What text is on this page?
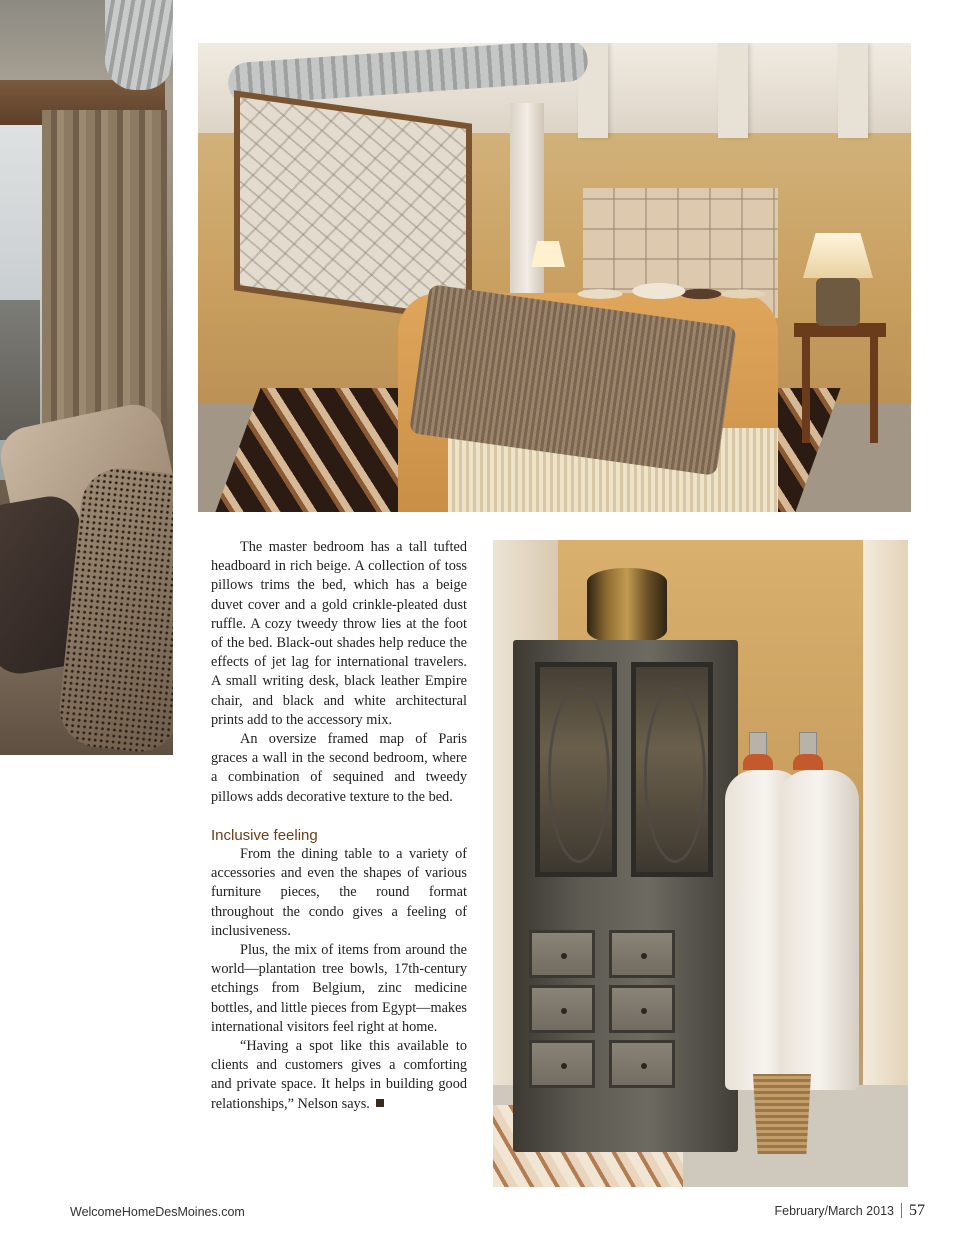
The master bedroom has a tall tufted headboard in rich beige. A collection of toss pillows trims the bed, which has a beige duvet cover and a gold crinkle-pleated dust ruffle. A cozy tweedy throw lies at the foot of the bed. Black-out shades help reduce the effects of jet lag for international travelers. A small writing desk, black leather Empire chair, and black and white architectural prints add to the accessory mix.

An oversize framed map of Paris graces a wall in the second bedroom, where a combination of sequined and tweedy pillows adds decorative texture to the bed.

Inclusive feeling

From the dining table to a variety of accessories and even the shapes of various furniture pieces, the round format throughout the condo gives a feeling of inclusiveness.

Plus, the mix of items from around the world—plantation tree bowls, 17th-century etchings from Belgium, zinc medicine bottles, and little pieces from Egypt—makes international visitors feel right at home.

“Having a spot like this available to clients and customers gives a comforting and private space. It helps in building good relationships,” Nelson says.

WelcomeHomeDesMoines.com	February/March 2013 57
